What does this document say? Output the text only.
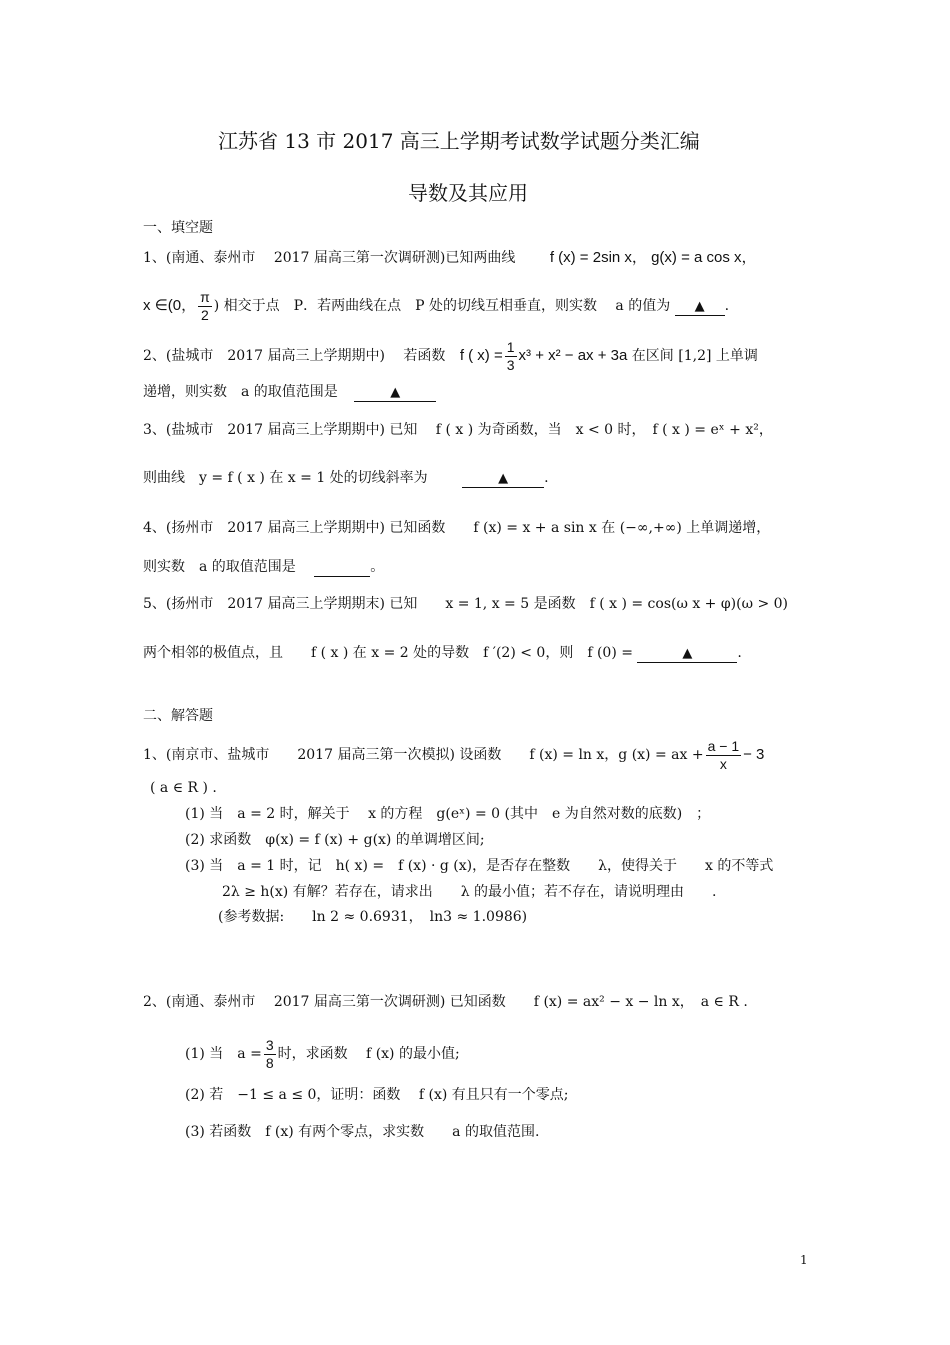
江苏省 13 市 2017 高三上学期考试数学试题分类汇编
导数及其应用
一、填空题
1、(南通、泰州市　 2017 届高三第一次调研测)已知两曲线 f (x) = 2sin x， g(x) = a cos x，
x ∈(0， $\frac{\pi}{2}$ ) 相交于点　P．若两曲线在点　P 处的切线互相垂直，则实数　 a 的值为 ▲ .
2、(盐城市　2017 届高三上学期期中)　 若函数 f ( $x) = \frac{1}{3} x^3 + x^2$ − ax + 3a 在区间 [1,2] 上单调
递增，则实数　a 的取值范围是	▲
3、(盐城市　2017 届高三上学期期中) 已知　 f ( x ) 为奇函数，当　x < 0 时，　f ( x ) = eˣ + x²，
则曲线　y = f ( x ) 在 x = 1 处的切线斜率为	▲	.
4、(扬州市　2017 届高三上学期期中) 已知函数　　f (x) = x + a sin x 在 (−∞,+∞) 上单调递增，
则实数　a 的取值范围是	。
5、(扬州市　2017 届高三上学期期末) 已知　　x = 1, x = 5 是函数　f ( x ) = cos(ω x + φ)(ω > 0)
两个相邻的极值点，且　　f ( x ) 在 x = 2 处的导数　f ′(2) < 0，则　f (0) =	▲	.
二、解答题
1、(南京市、盐城市　　2017 届高三第一次模拟) 设函数　　f (x) = ln x，g (x) = ax + $\frac{a - 1}{x} - 3$
( a ∈ R ) .
(1) 当　a = 2 时，解关于　 x 的方程　g(eˣ) = 0 (其中　e 为自然对数的底数)　；
(2) 求函数　φ(x) = f (x) + g(x) 的单调增区间;
(3) 当　a = 1 时，记　h( x) =　f (x) · g (x)，是否存在整数　　λ，使得关于　　x 的不等式
2λ ≥ h(x) 有解？若存在，请求出　　λ 的最小值；若不存在，请说明理由　　.
(参考数据:　　ln 2 ≈ 0.6931，　ln3 ≈ 1.0986)
2、(南通、泰州市　 2017 届高三第一次调研测) 已知函数　　f (x) = ax² − x − ln x，　a ∈ R .
(1) 当　$a = \frac{3}{8}$ 时，求函数　 f (x) 的最小值;
(2) 若　−1 ≤ a ≤ 0，证明：函数　 f (x) 有且只有一个零点;
(3) 若函数　f (x) 有两个零点，求实数　　a 的取值范围.
1
